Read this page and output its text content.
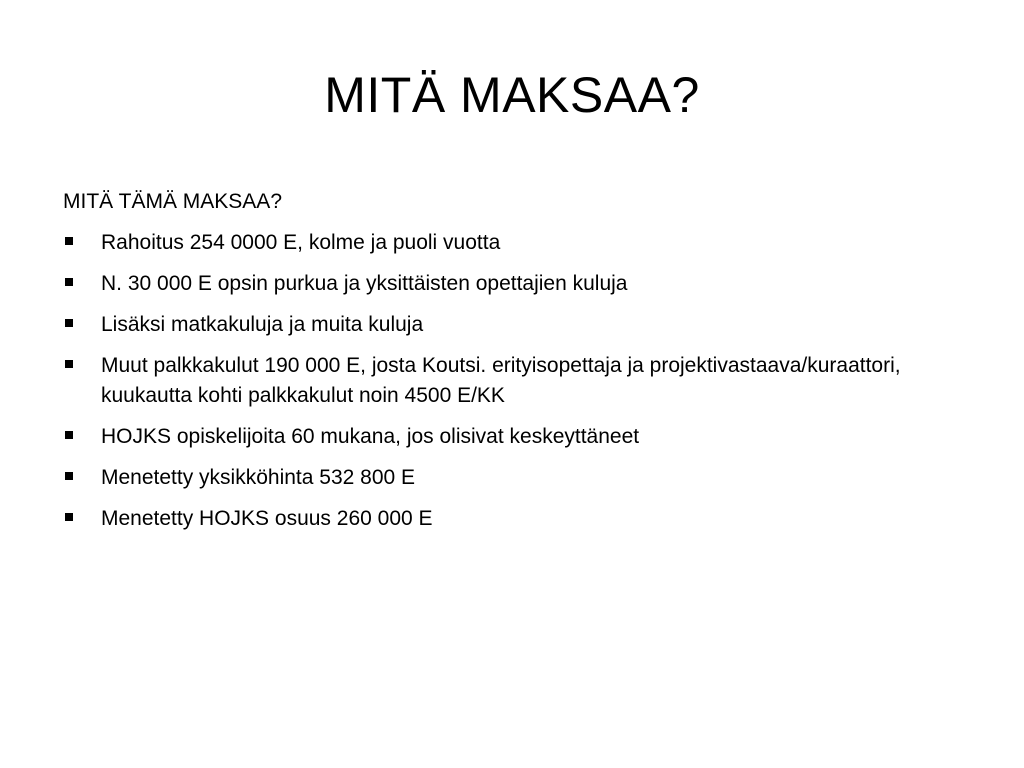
MITÄ MAKSAA?

MITÄ TÄMÄ MAKSAA?

Rahoitus 254 0000 E, kolme ja puoli vuotta
N. 30 000 E opsin purkua ja yksittäisten opettajien kuluja
Lisäksi matkakuluja ja muita kuluja
Muut palkkakulut 190 000 E, josta Koutsi. erityisopettaja ja projektivastaava/kuraattori, kuukautta kohti palkkakulut noin 4500 E/KK
HOJKS opiskelijoita 60 mukana, jos olisivat keskeyttäneet
Menetetty yksikköhinta 532 800 E
Menetetty HOJKS osuus 260 000 E
